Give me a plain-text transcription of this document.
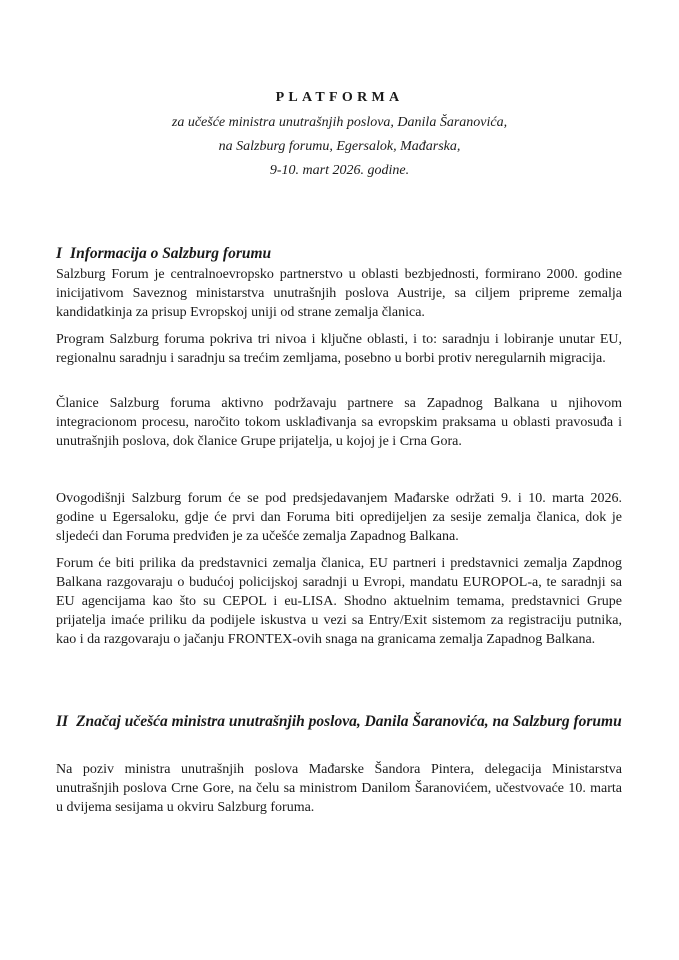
PLATFORMA

za učešće ministra unutrašnjih poslova, Danila Šaranovića,

na Salzburg forumu, Egersalok, Mađarska,

9-10. mart 2026. godine.

I Informacija o Salzburg forumu

Salzburg Forum je centralnoevropsko partnerstvo u oblasti bezbjednosti, formirano 2000. godine inicijativom Saveznog ministarstva unutrašnjih poslova Austrije, sa ciljem pripreme zemalja kandidatkinja za prisup Evropskoj uniji od strane zemalja članica.

Program Salzburg foruma pokriva tri nivoa i ključne oblasti, i to: saradnju i lobiranje unutar EU, regionalnu saradnju i saradnju sa trećim zemljama, posebno u borbi protiv neregularnih migracija.

Članice Salzburg foruma aktivno podržavaju partnere sa Zapadnog Balkana u njihovom integracionom procesu, naročito tokom usklađivanja sa evropskim praksama u oblasti pravosuđa i unutrašnjih poslova, dok članice Grupe prijatelja, u kojoj je i Crna Gora.

Ovogodišnji Salzburg forum će se pod predsjedavanjem Mađarske održati 9. i 10. marta 2026. godine u Egersaloku, gdje će prvi dan Foruma biti opredijeljen za sesije zemalja članica, dok je sljedeći dan Foruma predviđen je za učešće zemalja Zapadnog Balkana.

Forum će biti prilika da predstavnici zemalja članica, EU partneri i predstavnici zemalja Zapdnog Balkana razgovaraju o budućoj policijskoj saradnji u Evropi, mandatu EUROPOL-a, te saradnji sa EU agencijama kao što su CEPOL i eu-LISA. Shodno aktuelnim temama, predstavnici Grupe prijatelja imaće priliku da podijele iskustva u vezi sa Entry/Exit sistemom za registraciju putnika, kao i da razgovaraju o jačanju FRONTEX-ovih snaga na granicama zemalja Zapadnog Balkana.

II Značaj učešća ministra unutrašnjih poslova, Danila Šaranovića, na Salzburg forumu

Na poziv ministra unutrašnjih poslova Mađarske Šandora Pintera, delegacija Ministarstva unutrašnjih poslova Crne Gore, na čelu sa ministrom Danilom Šaranovićem, učestvovaće 10. marta u dvijema sesijama u okviru Salzburg foruma.
